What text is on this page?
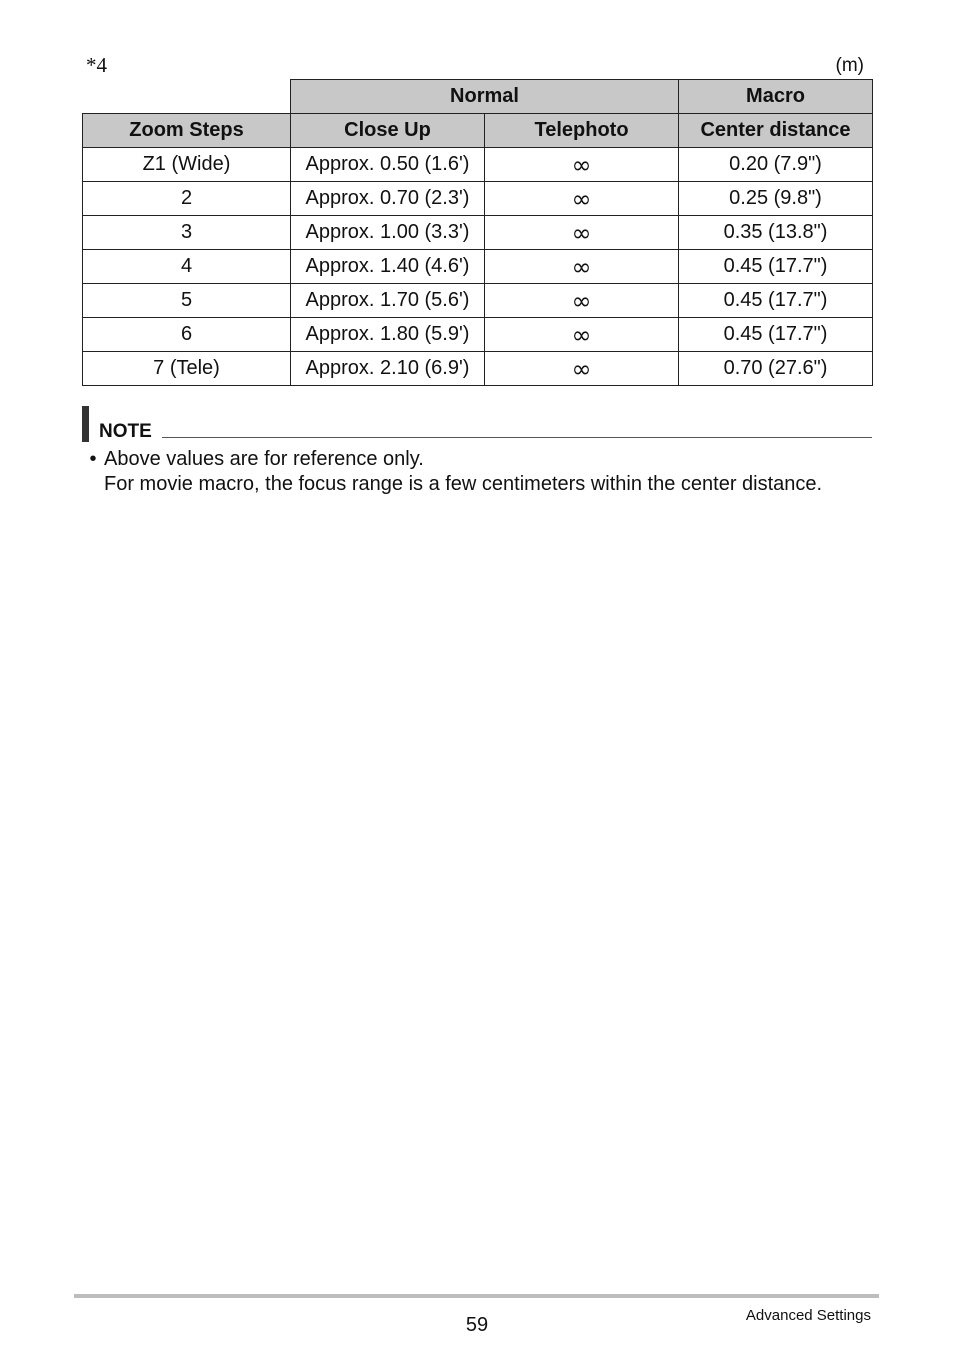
*4	(m)
	Normal		Macro
Zoom Steps	Close Up	Telephoto	Center distance
Z1 (Wide)	Approx. 0.50 (1.6')	∞	0.20 (7.9")
2	Approx. 0.70 (2.3')	∞	0.25 (9.8")
3	Approx. 1.00 (3.3')	∞	0.35 (13.8")
4	Approx. 1.40 (4.6')	∞	0.45 (17.7")
5	Approx. 1.70 (5.6')	∞	0.45 (17.7")
6	Approx. 1.80 (5.9')	∞	0.45 (17.7")
7 (Tele)	Approx. 2.10 (6.9')	∞	0.70 (27.6")
NOTE
• Above values are for reference only.
For movie macro, the focus range is a few centimeters within the center distance.
59	Advanced Settings
